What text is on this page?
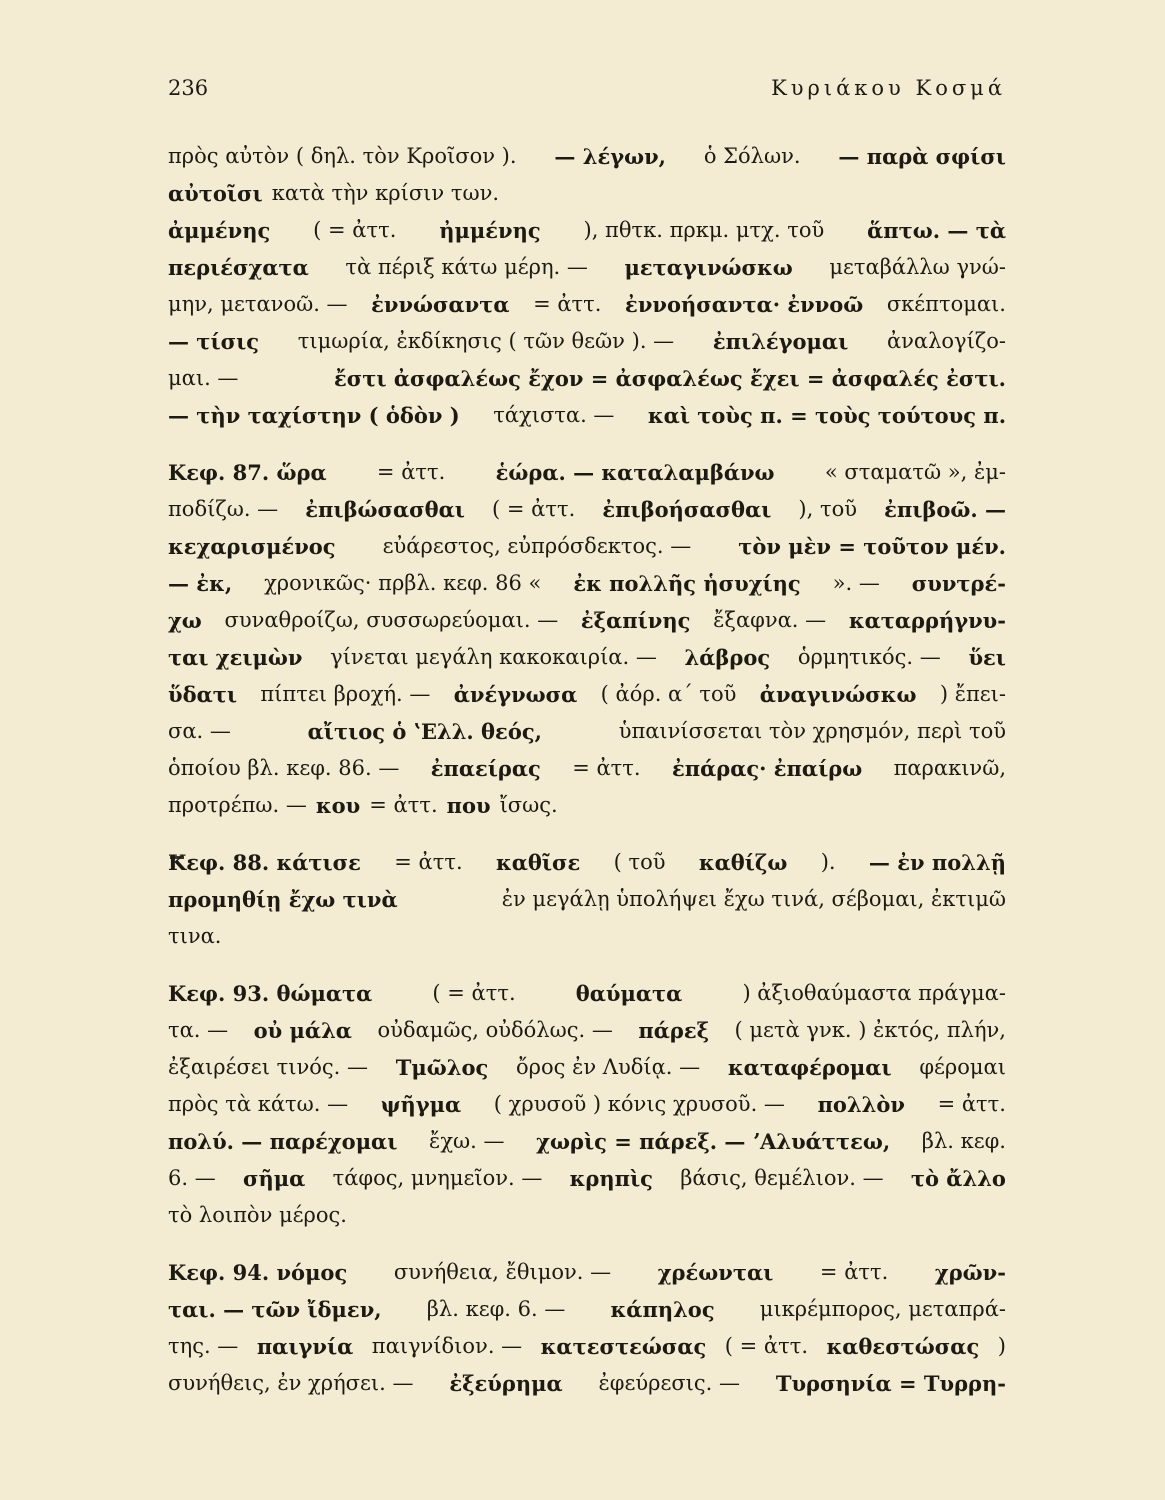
236	Κυριάκου Κοσμά
πρὸς αὐτὸν ( δηλ. τὸν Κροῖσον ). — λέγων, ὁ Σόλων. — παρὰ σφίσι
αὐτοῖσι κατὰ τὴν κρίσιν των.
ἀμμένης ( = ἀττ. ἠμμένης ), πθτκ. πρκμ. μτχ. τοῦ ἅπτω. — τὰ
περιέσχατα τὰ πέριξ κάτω μέρη. — μεταγινώσκω μεταβάλλω γνώ-
μην, μετανοῶ. — ἐννώσαντα = ἀττ. ἐννοήσαντα· ἐννοῶ σκέπτομαι.
— τίσις τιμωρία, ἐκδίκησις ( τῶν θεῶν ). — ἐπιλέγομαι ἀναλογίζο-
μαι. —	ἔστι ἀσφαλέως ἔχον = ἀσφαλέως ἔχει = ἀσφαλές ἐστι.
— τὴν ταχίστην ( ὁδὸν ) τάχιστα. — καὶ τοὺς π. = τοὺς τούτους π.
Κεφ. 87. ὥρα = ἀττ. ἑώρα. — καταλαμβάνω « σταματῶ », ἐμ-
ποδίζω. — ἐπιβώσασθαι ( = ἀττ. ἐπιβοήσασθαι ), τοῦ ἐπιβοῶ. —
κεχαρισμένος εὐάρεστος, εὐπρόσδεκτος. — τὸν μὲν = τοῦτον μέν.
— ἐκ, χρονικῶς· πρβλ. κεφ. 86 « ἐκ πολλῆς ἡσυχίης ». — συντρέ-
χω συναθροίζω, συσσωρεύομαι. — ἐξαπίνης ἔξαφνα. — καταρρήγνυ-
ται χειμὼν γίνεται μεγάλη κακοκαιρία. — λάβρος ὁρμητικός. — ὕει
ὕδατι πίπτει βροχή. — ἀνέγνωσα ( ἀόρ. α΄ τοῦ ἀναγινώσκω ) ἔπει-
σα. —	αἴτιος ὁ ʽΕλλ. θεός,	ὑπαινίσσεται τὸν χρησμόν, περὶ τοῦ
ὁποίου βλ. κεφ. 86. — ἐπαείρας = ἀττ. ἐπάρας· ἐπαίρω παρακινῶ,
προτρέπω. — κου = ἀττ. που ἴσως.
Κεφ. 88. κάτισε = ἀττ. καθῖσε ( τοῦ καθίζω ). — ἐν πολλῇ
προμηθίῃ ἔχω τινὰ	ἐν μεγάλῃ ὑπολήψει ἔχω τινά, σέβομαι, ἐκτιμῶ
τινα.
Κεφ. 93. θώματα	( = ἀττ.	θαύματα	) ἀξιοθαύμαστα πράγμα-
τα. — οὐ μάλα οὐδαμῶς, οὐδόλως. — πάρεξ ( μετὰ γνκ. ) ἐκτός, πλήν,
ἐξαιρέσει τινός. — Τμῶλος ὄρος ἐν Λυδίᾳ. — καταφέρομαι φέρομαι
πρὸς τὰ κάτω. — ψῆγμα ( χρυσοῦ ) κόνις χρυσοῦ. — πολλὸν = ἀττ.
πολύ. — παρέχομαι ἔχω. — χωρὶς = πάρεξ. — ʼΑλυάττεω, βλ. κεφ.
6. — σῆμα τάφος, μνημεῖον. — κρηπὶς βάσις, θεμέλιον. — τὸ ἄλλο
τὸ λοιπὸν μέρος.
Κεφ. 94. νόμος συνήθεια, ἔθιμον. — χρέωνται = ἀττ. χρῶν-
ται. — τῶν ἴδμεν, βλ. κεφ. 6. — κάπηλος μικρέμπορος, μεταπρά-
της. — παιγνία παιγνίδιον. — κατεστεώσας ( = ἀττ. καθεστώσας )
συνήθεις, ἐν χρήσει. — ἐξεύρημα ἐφεύρεσις. — Τυρσηνία = Τυρρη-
